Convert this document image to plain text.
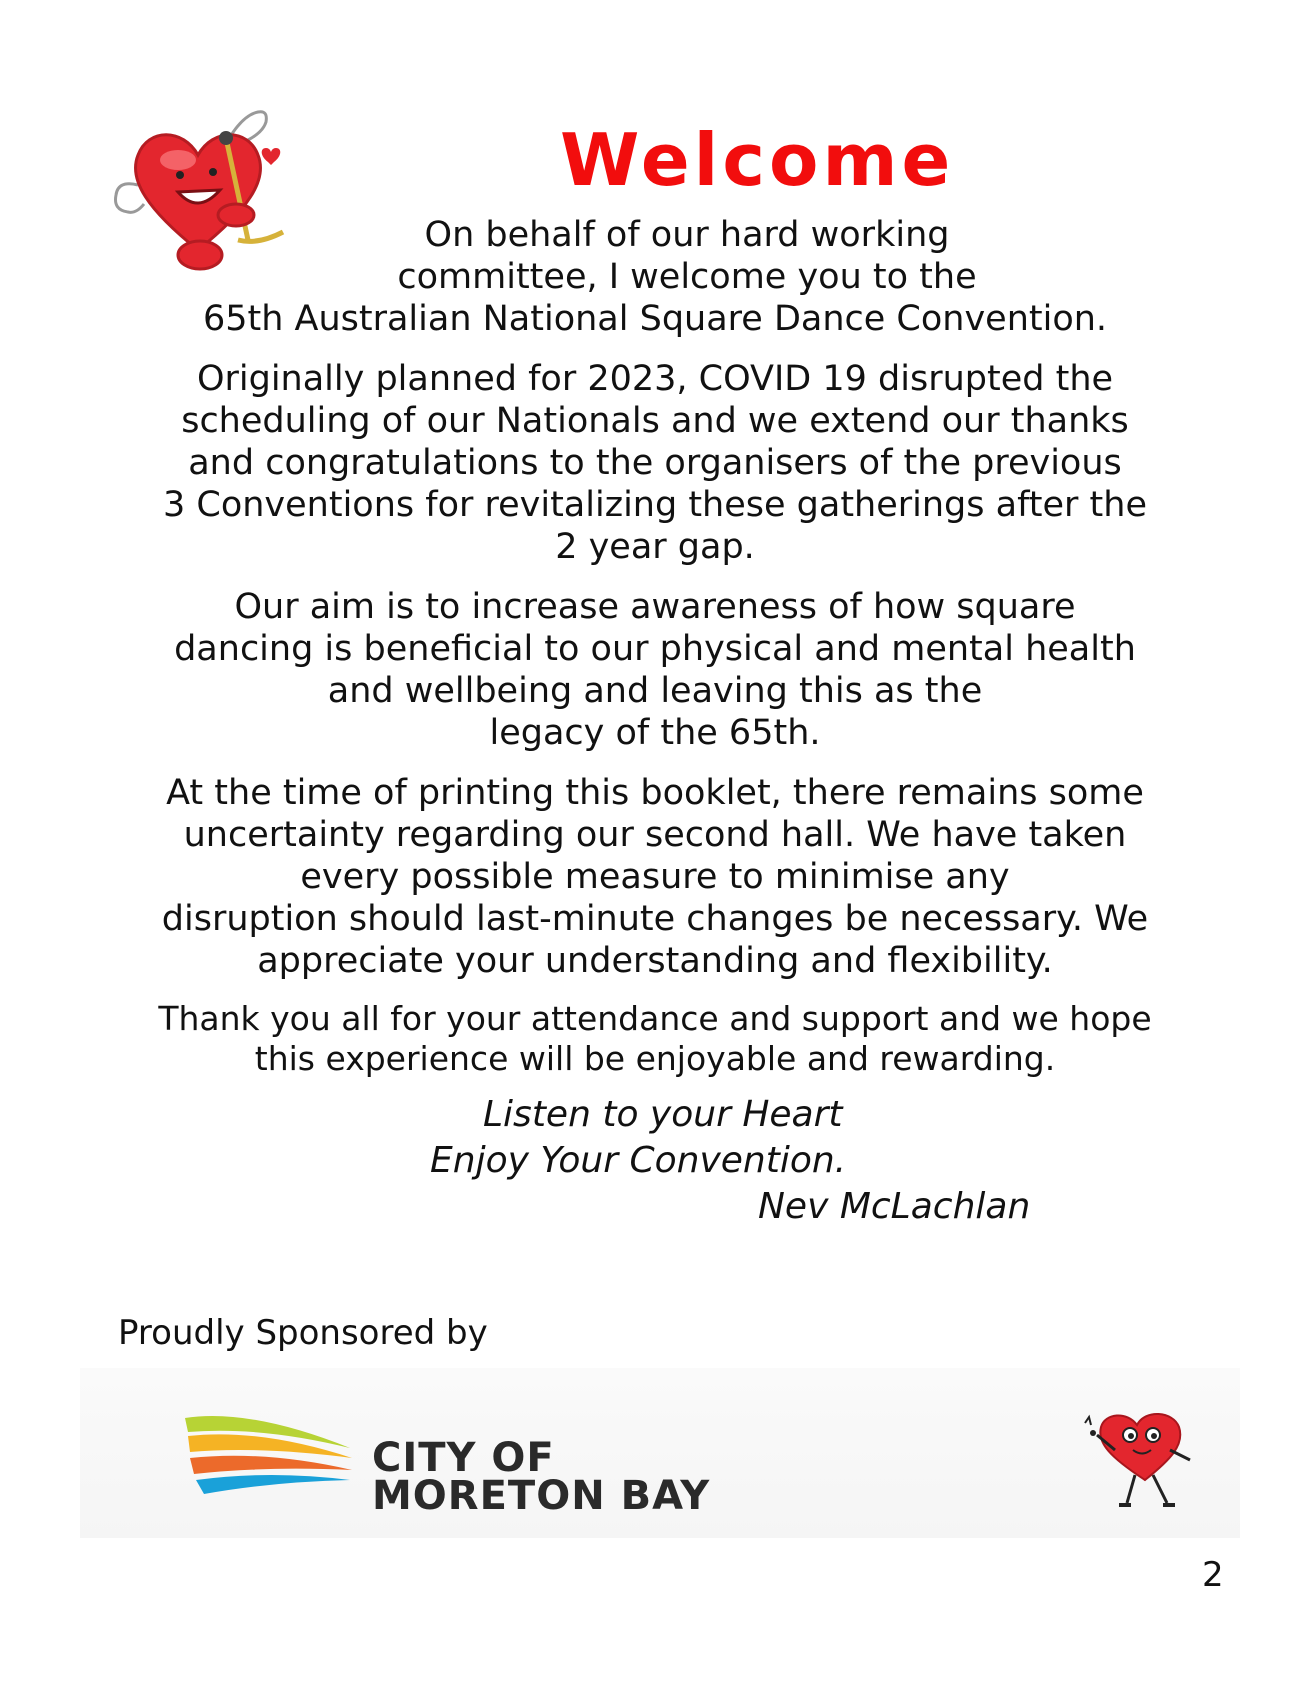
Welcome
On behalf of our hard working
committee, I welcome you to the
65th Australian National Square Dance Convention.
Originally planned for 2023, COVID 19 disrupted the
scheduling of our Nationals and we extend our thanks
and congratulations to the organisers of the previous
3 Conventions for revitalizing these gatherings after the
2 year gap.
Our aim is to increase awareness of how square
dancing is beneficial to our physical and mental health
and wellbeing and leaving this as the
legacy of the 65th.
At the time of printing this booklet, there remains some
uncertainty regarding our second hall. We have taken
every possible measure to minimise any
disruption should last-minute changes be necessary. We
appreciate your understanding and flexibility.
Thank you all for your attendance and support and we hope
this experience will be enjoyable and rewarding.
Listen to your Heart
Enjoy Your Convention.
Nev McLachlan
Proudly Sponsored by
CITY OF
MORETON BAY
2
